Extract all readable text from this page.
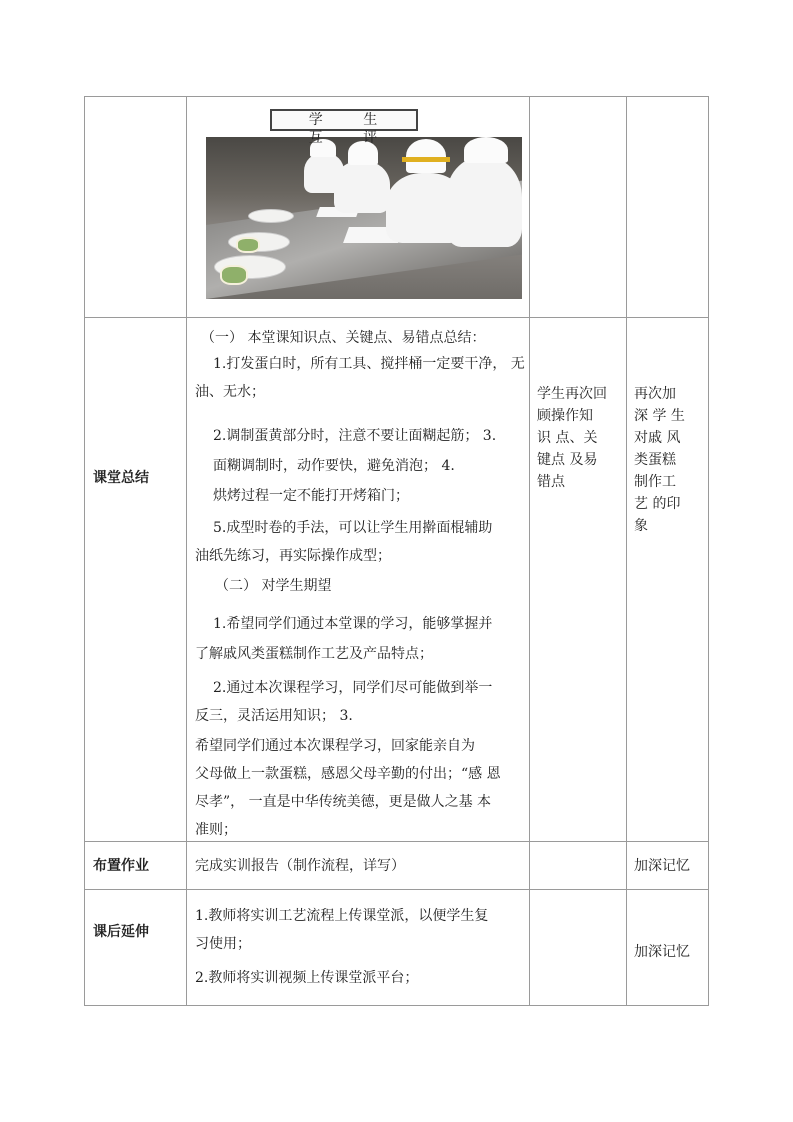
学 生 互 评
课堂总结
（一） 本堂课知识点、关键点、易错点总结：
1.打发蛋白时，所有工具、搅拌桶一定要干净， 无
油、无水；
2.调制蛋黄部分时，注意不要让面糊起筋； 3.
面糊调制时，动作要快，避免消泡； 4.
烘烤过程一定不能打开烤箱门；
5.成型时卷的手法，可以让学生用擀面棍辅助
油纸先练习，再实际操作成型；
（二） 对学生期望
1.希望同学们通过本堂课的学习，能够掌握并
了解戚风类蛋糕制作工艺及产品特点；
2.通过本次课程学习，同学们尽可能做到举一
反三，灵活运用知识； 3.
希望同学们通过本次课程学习，回家能亲自为
父母做上一款蛋糕，感恩父母辛勤的付出；“感 恩
尽孝”， 一直是中华传统美德，更是做人之基 本
准则；
学生再次回
顾操作知
识 点、关
键点 及易
错点
再次加
深 学 生
对戚 风
类蛋糕
制作工
艺 的印
象
布置作业	完成实训报告（制作流程，详写）	加深记忆
课后延伸
1.教师将实训工艺流程上传课堂派，以便学生复
习使用；
2.教师将实训视频上传课堂派平台；
加深记忆
